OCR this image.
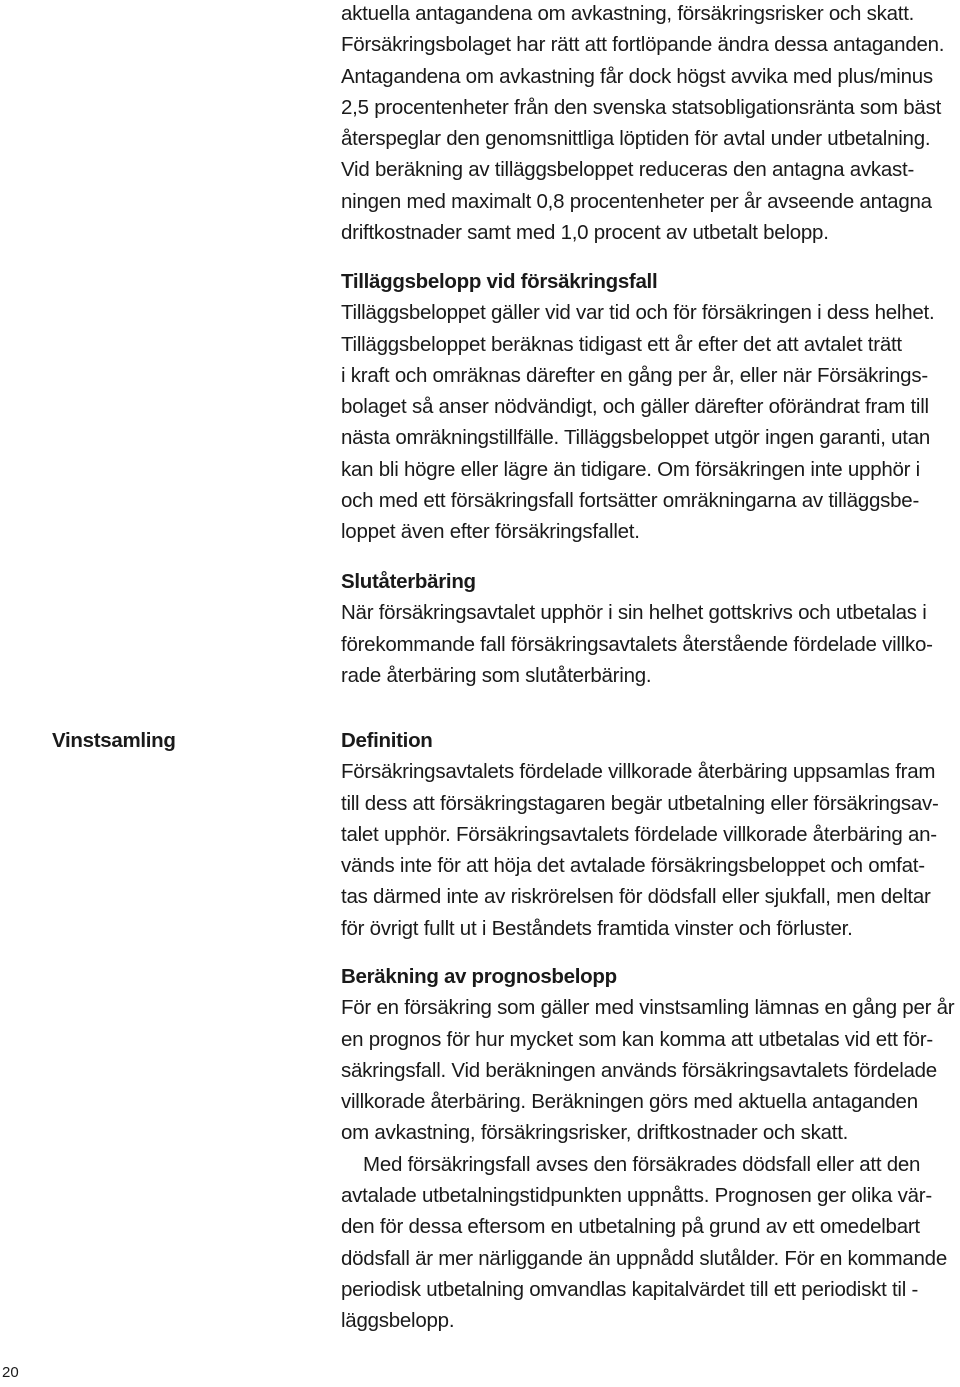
Vinstsamling
aktuella antagandena om avkastning, försäkringsrisker och skatt.
Försäkringsbolaget har rätt att fortlöpande ändra dessa antaganden.
Antagandena om avkastning får dock högst avvika med plus/minus
2,5 procentenheter från den svenska statsobligationsränta som bäst
återspeglar den genomsnittliga löptiden för avtal under utbetalning.
Vid beräkning av tilläggsbeloppet reduceras den antagna avkast-
ningen med maximalt 0,8 procentenheter per år avseende antagna
driftkostnader samt med 1,0 procent av utbetalt belopp.
Tilläggsbelopp vid försäkringsfall
Tilläggsbeloppet gäller vid var tid och för försäkringen i dess helhet.
Tilläggsbeloppet beräknas tidigast ett år efter det att avtalet trätt
i kraft och omräknas därefter en gång per år, eller när Försäkrings-
bolaget så anser nödvändigt, och gäller därefter oförändrat fram till
nästa omräkningstillfälle. Tilläggsbeloppet utgör ingen garanti, utan
kan bli högre eller lägre än tidigare. Om försäkringen inte upphör i
och med ett försäkringsfall fortsätter omräkningarna av tilläggsbe-
loppet även efter försäkringsfallet.
Slutåterbäring
När försäkringsavtalet upphör i sin helhet gottskrivs och utbetalas i
förekommande fall försäkringsavtalets återstående fördelade villko-
rade återbäring som slutåterbäring.
Definition
Försäkringsavtalets fördelade villkorade återbäring uppsamlas fram
till dess att försäkringstagaren begär utbetalning eller försäkringsav-
talet upphör. Försäkringsavtalets fördelade villkorade återbäring an-
vänds inte för att höja det avtalade försäkringsbeloppet och omfat-
tas därmed inte av riskrörelsen för dödsfall eller sjukfall, men deltar
för övrigt fullt ut i Beståndets framtida vinster och förluster.
Beräkning av prognosbelopp
För en försäkring som gäller med vinstsamling lämnas en gång per år
en prognos för hur mycket som kan komma att utbetalas vid ett för-
säkringsfall. Vid beräkningen används försäkringsavtalets fördelade
villkorade återbäring. Beräkningen görs med aktuella antaganden
om avkastning, försäkringsrisker, driftkostnader och skatt.
Med försäkringsfall avses den försäkrades dödsfall eller att den
avtalade utbetalningstidpunkten uppnåtts. Prognosen ger olika vär-
den för dessa eftersom en utbetalning på grund av ett omedelbart
dödsfall är mer närliggande än uppnådd slutålder. För en kommande
periodisk utbetalning omvandlas kapitalvärdet till ett periodiskt til -
läggsbelopp.
20
